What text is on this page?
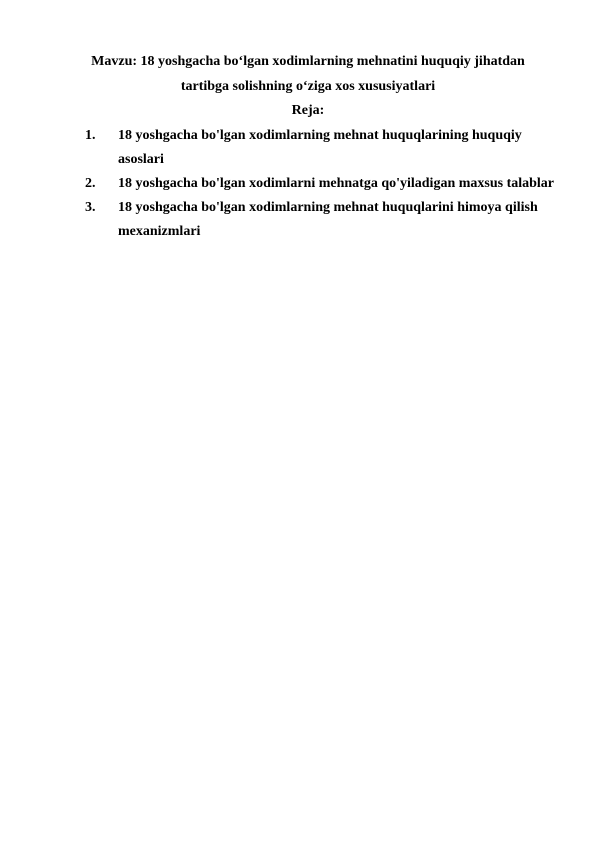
Mavzu: 18 yoshgacha boʻlgan xodimlarning mehnatini huquqiy jihatdan

tartibga solishning oʻziga xos xususiyatlari

Reja:

1.	18 yoshgacha bo'lgan xodimlarning mehnat huquqlarining huquqiy asoslari
2.	18 yoshgacha bo'lgan xodimlarni mehnatga qo'yiladigan maxsus talablar
3.	18 yoshgacha bo'lgan xodimlarning mehnat huquqlarini himoya qilish mexanizmlari
